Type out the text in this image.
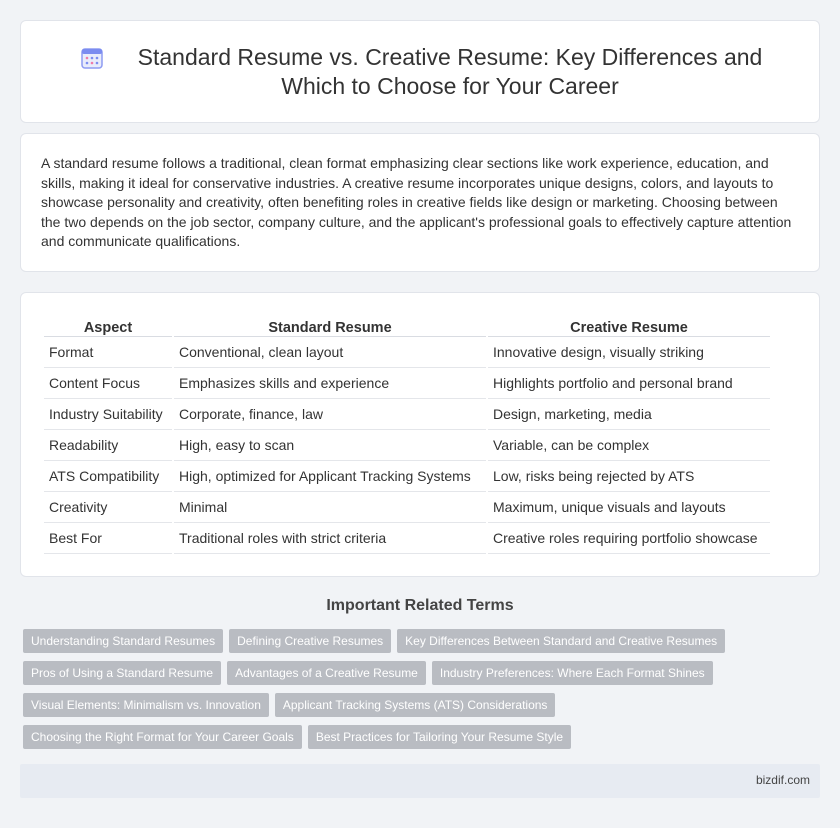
Standard Resume vs. Creative Resume: Key Differences and Which to Choose for Your Career

A standard resume follows a traditional, clean format emphasizing clear sections like work experience, education, and skills, making it ideal for conservative industries. A creative resume incorporates unique designs, colors, and layouts to showcase personality and creativity, often benefiting roles in creative fields like design or marketing. Choosing between the two depends on the job sector, company culture, and the applicant's professional goals to effectively capture attention and communicate qualifications.

Aspect	Standard Resume	Creative Resume
Format	Conventional, clean layout	Innovative design, visually striking
Content Focus	Emphasizes skills and experience	Highlights portfolio and personal brand
Industry Suitability	Corporate, finance, law	Design, marketing, media
Readability	High, easy to scan	Variable, can be complex
ATS Compatibility	High, optimized for Applicant Tracking Systems	Low, risks being rejected by ATS
Creativity	Minimal	Maximum, unique visuals and layouts
Best For	Traditional roles with strict criteria	Creative roles requiring portfolio showcase
Important Related Terms
Understanding Standard Resumes	Defining Creative Resumes	Key Differences Between Standard and Creative Resumes
Pros of Using a Standard Resume	Advantages of a Creative Resume	Industry Preferences: Where Each Format Shines
Visual Elements: Minimalism vs. Innovation	Applicant Tracking Systems (ATS) Considerations
Choosing the Right Format for Your Career Goals	Best Practices for Tailoring Your Resume Style
bizdif.com
